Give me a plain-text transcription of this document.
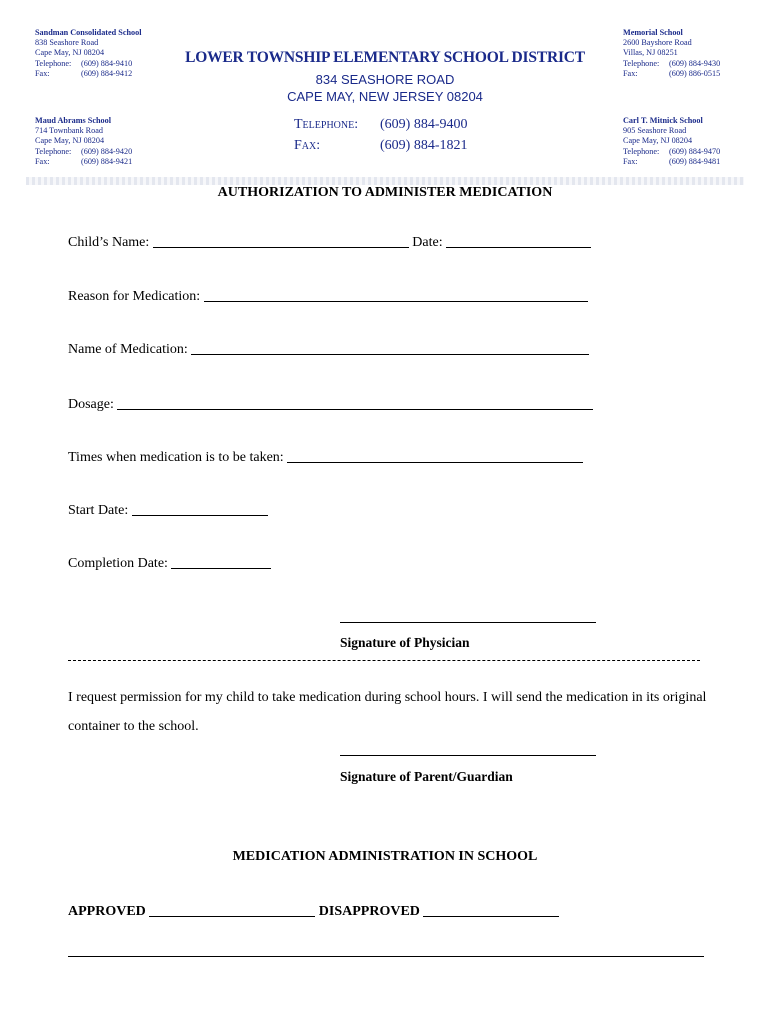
Sandman Consolidated School
838 Seashore Road
Cape May, NJ 08204
Telephone:	(609) 884-9410
Fax:	(609) 884-9412
Memorial School
2600 Bayshore Road
Villas, NJ 08251
Telephone:	(609) 884-9430
Fax:	(609) 886-0515
LOWER TOWNSHIP ELEMENTARY SCHOOL DISTRICT
834 SEASHORE ROAD
CAPE MAY, NEW JERSEY 08204
Maud Abrams School
714 Townbank Road
Cape May, NJ 08204
Telephone:	(609) 884-9420
Fax:	(609) 884-9421
Telephone: (609) 884-9400
Fax:	(609) 884-1821
Carl T. Mitnick School
905 Seashore Road
Cape May, NJ 08204
Telephone:	(609) 884-9470
Fax:	(609) 884-9481
AUTHORIZATION TO ADMINISTER MEDICATION
Child’s Name:	Date:
Reason for Medication:
Name of Medication:
Dosage:
Times when medication is to be taken:
Start Date:
Completion Date:
Signature of Physician
I request permission for my child to take medication during school hours. I will send the medication in its original container to the school.
Signature of Parent/Guardian
MEDICATION ADMINISTRATION IN SCHOOL
APPROVED	DISAPPROVED
